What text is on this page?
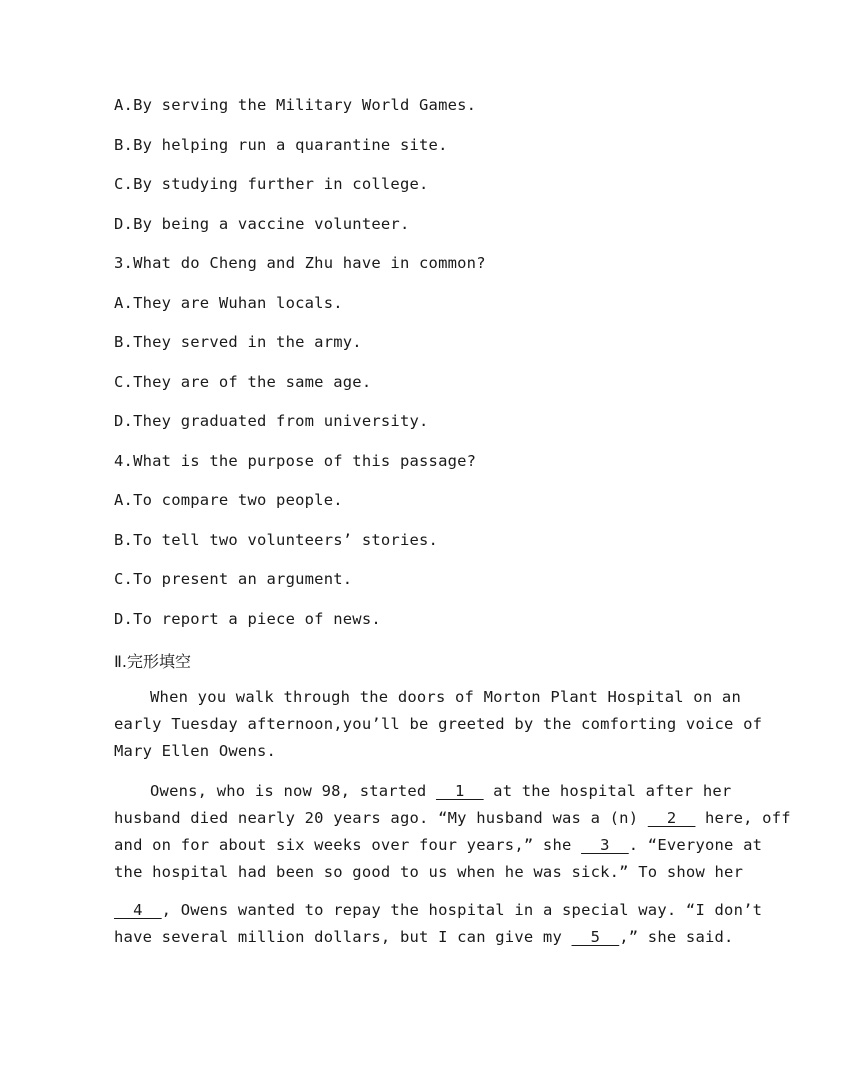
A.By serving the Military World Games.
B.By helping run a quarantine site.
C.By studying further in college.
D.By being a vaccine volunteer.
3.What do Cheng and Zhu have in common?
A.They are Wuhan locals.
B.They served in the army.
C.They are of the same age.
D.They graduated from university.
4.What is the purpose of this passage?
A.To compare two people.
B.To tell two volunteers’ stories.
C.To present an argument.
D.To report a piece of news.
Ⅱ.完形填空
When you walk through the doors of Morton Plant Hospital on an
early Tuesday afternoon,you’ll be greeted by the comforting voice of
Mary Ellen Owens.
Owens, who is now 98, started   1   at the hospital after her
husband died nearly 20 years ago. “My husband was a (n)   2   here, off
and on for about six weeks over four years,” she   3  . “Everyone at
the hospital had been so good to us when he was sick.” To show her
4  , Owens wanted to repay the hospital in a special way. “I don’t
have several million dollars, but I can give my   5  ,” she said.
